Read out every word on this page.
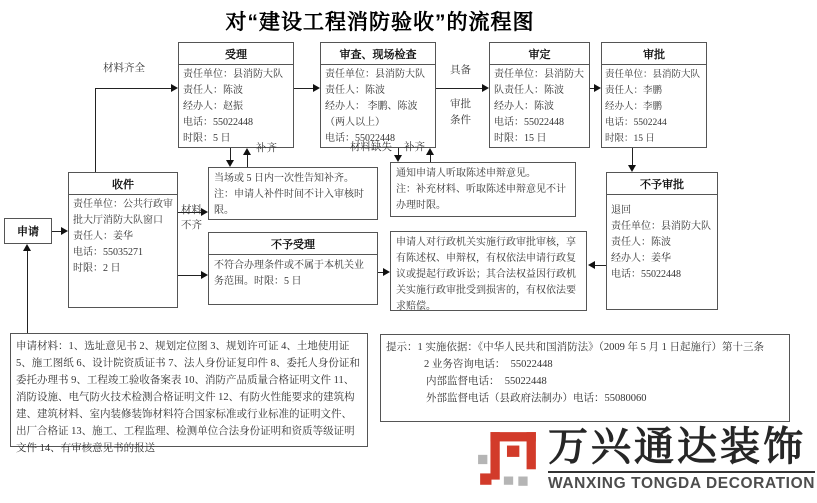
对“建设工程消防验收”的流程图
申请
收件
责任单位：公共行政审批大厅消防大队窗口
责任人：姜华
电话：55035271
时限：2 日
受理
责任单位：县消防大队
责任人：陈波
经办人：赵振
电话：55022448
时限：5 日
审查、现场检查
责任单位：县消防大队
责任人：陈波
经办人： 李鹏、陈波（两人以上）
电话：55022448
审定
责任单位：县消防大队责任人：陈波
经办人：陈波
电话：55022448
时限：15 日
审批
责任单位：县消防大队
责任人：李鹏
经办人：李鹏
电话：5502244
时限：15 日
当场或 5 日内一次性告知补齐。
注：申请人补件时间不计入审核时限。
通知申请人听取陈述申辩意见。
注：补充材料、听取陈述申辩意见不计办理时限。
不予受理
不符合办理条件或不属于本机关业务范围。时限：5 日
申请人对行政机关实施行政审批审核，享有陈述权、申辩权，有权依法申请行政复议或提起行政诉讼；其合法权益因行政机关实施行政审批受到损害的，有权依法要求赔偿。
不予审批
退回
责任单位：县消防大队
责任人：陈波
经办人：姜华
电话：55022448
申请材料：1、选址意见书 2、规划定位图 3、规划许可证 4、土地使用证 5、施工图纸 6、设计院资质证书 7、法人身份证复印件 8、委托人身份证和委托办理书 9、工程竣工验收备案表 10、消防产品质量合格证明文件 11、消防设施、电气防火技术检测合格证明文件 12、有防火性能要求的建筑构建、建筑材料、室内装修装饰材料符合国家标准或行业标准的证明文件、出厂合格证 13、施工、工程监理、检测单位合法身份证明和资质等级证明文件 14、有审核意见书的报送
提示：1 实施依据：《中华人民共和国消防法》（2009 年 5 月 1 日起施行）第十三条
2 业务咨询电话：  55022448
内部监督电话：  55022448
外部监督电话（县政府法制办）电话：55080060
材料齐全
补齐	材料缺失 补齐
具备
审批
条件
材料不齐
万兴通达装饰
WANXING TONGDA DECORATION
